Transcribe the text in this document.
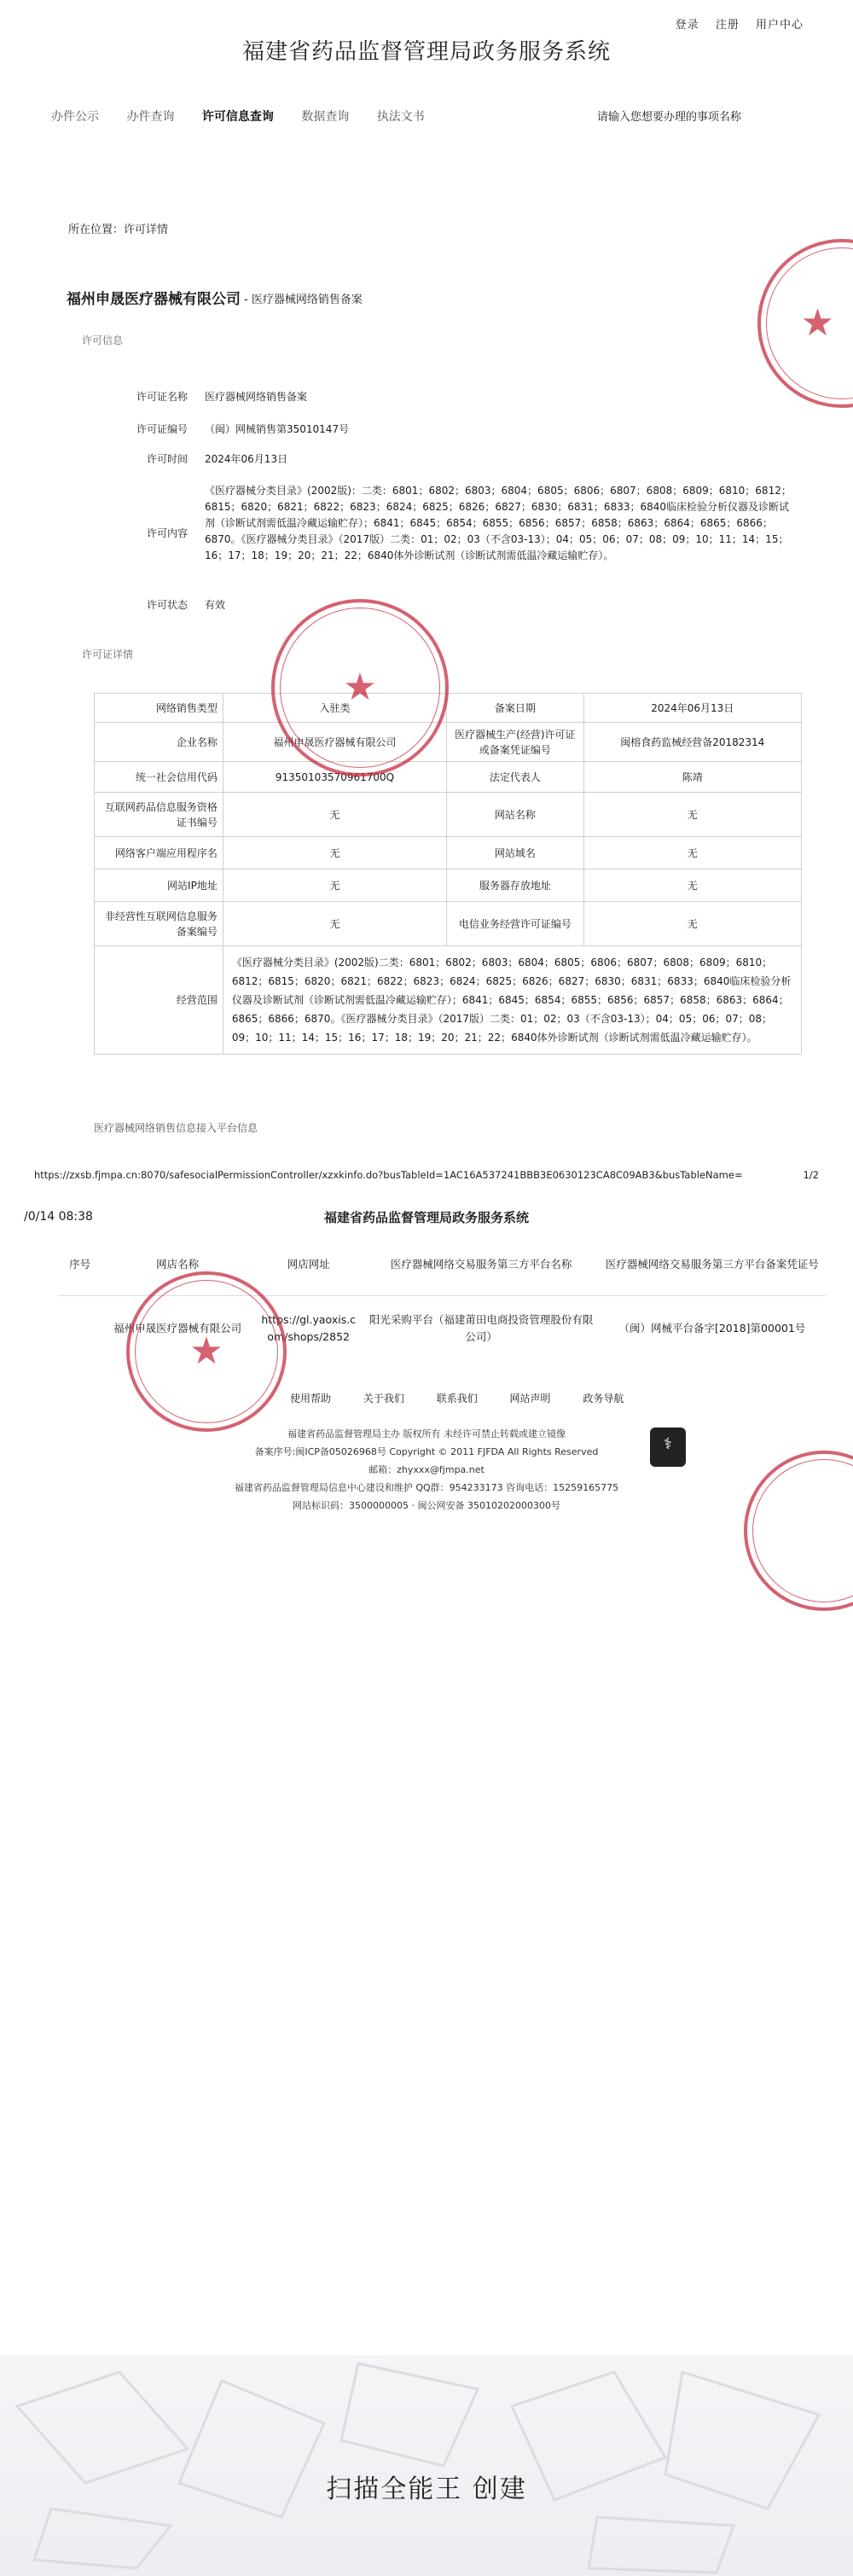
登录 注册 用户中心
福建省药品监督管理局政务服务系统
办件公示 办件查询 许可信息查询 数据查询 执法文书	请输入您想要办理的事项名称
所在位置：许可详情
福州申晟医疗器械有限公司 - 医疗器械网络销售备案
许可信息
许可证名称 医疗器械网络销售备案
许可证编号 （闽）网械销售第35010147号
许可时间 2024年06月13日
许可内容
《医疗器械分类目录》(2002版)：二类：6801；6802；6803；6804；6805；6806；6807；6808；6809；6810；6812；6815；6820；6821；6822；6823；6824；6825；6826；6827；6830；6831；6833；6840临床检验分析仪器及诊断试剂（诊断试剂需低温冷藏运输贮存）；6841；6845；6854；6855；6856；6857；6858；6863；6864；6865；6866；6870。《医疗器械分类目录》（2017版）二类：01；02；03（不含03-13）；04；05；06；07；08；09；10；11；14；15；16；17；18；19；20；21；22；6840体外诊断试剂（诊断试剂需低温冷藏运输贮存）。
许可状态 有效
许可证详情
网络销售类型	入驻类	备案日期	2024年06月13日
企业名称	福州申晟医疗器械有限公司	医疗器械生产(经营)许可证或备案凭证编号	闽榕食药监械经营备20182314
统一社会信用代码	91350103570961700Q	法定代表人	陈靖
互联网药品信息服务资格证书编号	无	网站名称	无
网络客户端应用程序名	无	网站域名	无
网站IP地址	无	服务器存放地址	无
非经营性互联网信息服务备案编号	无	电信业务经营许可证编号	无
经营范围	《医疗器械分类目录》(2002版)二类：6801；6802；6803；6804；6805；6806；6807；6808；6809；6810；6812；6815；6820；6821；6822；6823；6824；6825；6826；6827；6830；6831；6833；6840临床检验分析仪器及诊断试剂（诊断试剂需低温冷藏运输贮存）；6841；6845；6854；6855；6856；6857；6858；6863；6864；6865；6866；6870。《医疗器械分类目录》（2017版）二类：01；02；03（不含03-13）；04；05；06；07；08；09；10；11；14；15；16；17；18；19；20；21；22；6840体外诊断试剂（诊断试剂需低温冷藏运输贮存）。		
医疗器械网络销售信息接入平台信息
★
★
https://zxsb.fjmpa.cn:8070/safesocialPermissionController/xzxkinfo.do?busTableId=1AC16A537241BBB3E0630123CA8C09AB3&busTableName=	1/2
/0/14 08:38	福建省药品监督管理局政务服务系统
序号	网店名称	网店网址	医疗器械网络交易服务第三方平台名称	医疗器械网络交易服务第三方平台备案凭证号
	福州申晟医疗器械有限公司	https://gl.yaoxis.com/shops/2852	阳光采购平台（福建莆田电商投资管理股份有限公司）	（闽）网械平台备字[2018]第00001号
使用帮助	关于我们	联系我们	网站声明	政务导航
福建省药品监督管理局主办 版权所有 未经许可禁止转载或建立镜像
备案序号:闽ICP备05026968号 Copyright © 2011 FJFDA All Rights Reserved
邮箱：zhyxxx@fjmpa.net
福建省药品监督管理局信息中心建设和维护 QQ群：954233173 咨询电话：15259165775
网站标识码：3500000005 · 闽公网安备 35010202000300号
⚕
★
扫描全能王 创建
